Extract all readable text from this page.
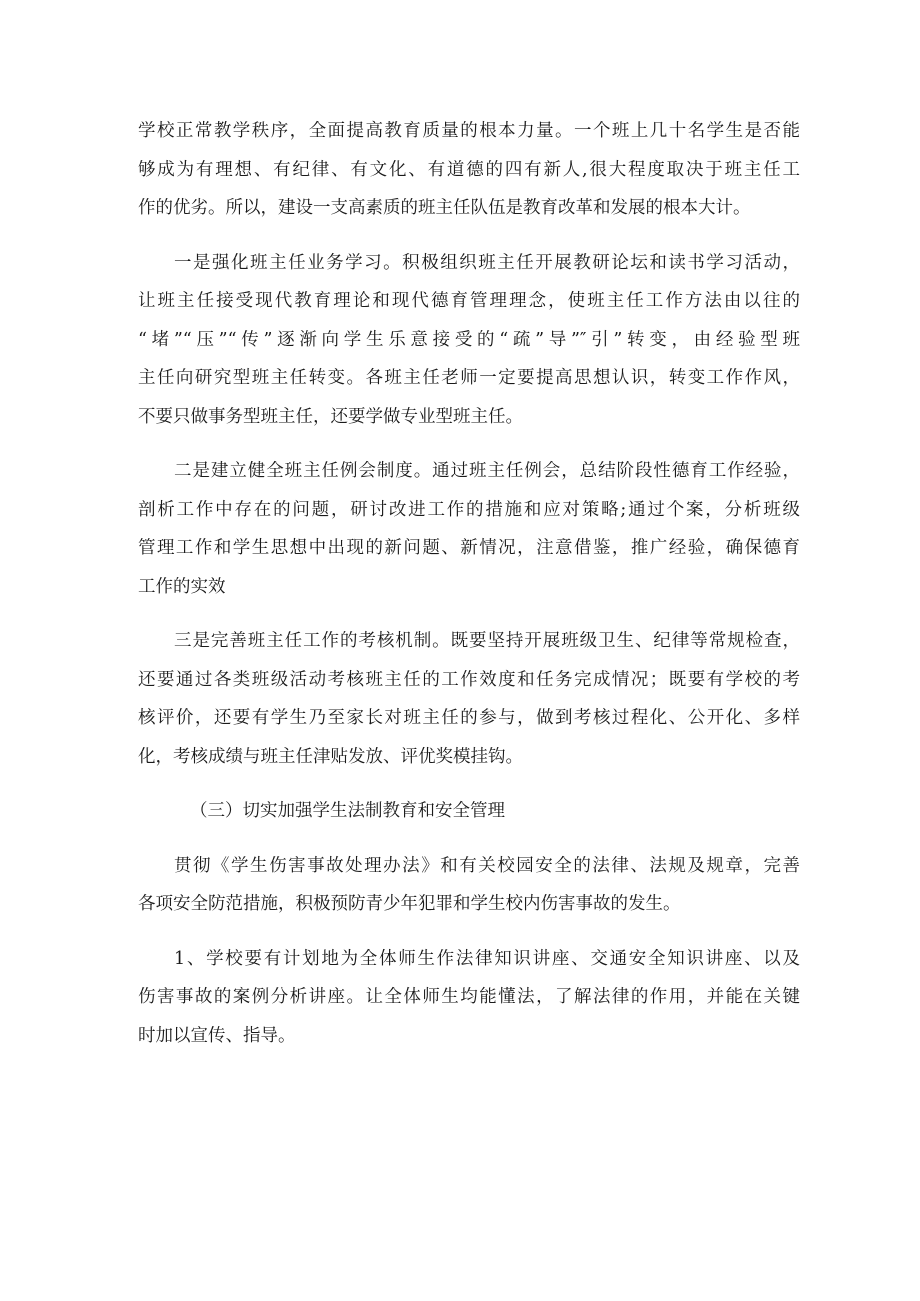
学校正常教学秩序，全面提高教育质量的根本力量。一个班上几十名学生是否能
够成为有理想、有纪律、有文化、有道德的四有新人,很大程度取决于班主任工
作的优劣。所以，建设一支高素质的班主任队伍是教育改革和发展的根本大计。
一是强化班主任业务学习。积极组织班主任开展教研论坛和读书学习活动，
让班主任接受现代教育理论和现代德育管理理念，使班主任工作方法由以往的
“堵”“压”“传”逐渐向学生乐意接受的“疏”导”″引”转变，由经验型班
主任向研究型班主任转变。各班主任老师一定要提高思想认识，转变工作作风，
不要只做事务型班主任，还要学做专业型班主任。
二是建立健全班主任例会制度。通过班主任例会，总结阶段性德育工作经验，
剖析工作中存在的问题，研讨改进工作的措施和应对策略;通过个案，分析班级
管理工作和学生思想中出现的新问题、新情况，注意借鉴，推广经验，确保德育
工作的实效
三是完善班主任工作的考核机制。既要坚持开展班级卫生、纪律等常规检查，
还要通过各类班级活动考核班主任的工作效度和任务完成情况；既要有学校的考
核评价，还要有学生乃至家长对班主任的参与，做到考核过程化、公开化、多样
化，考核成绩与班主任津贴发放、评优奖模挂钩。
（三）切实加强学生法制教育和安全管理
贯彻《学生伤害事故处理办法》和有关校园安全的法律、法规及规章，完善
各项安全防范措施，积极预防青少年犯罪和学生校内伤害事故的发生。
1、学校要有计划地为全体师生作法律知识讲座、交通安全知识讲座、以及
伤害事故的案例分析讲座。让全体师生均能懂法，了解法律的作用，并能在关键
时加以宣传、指导。
